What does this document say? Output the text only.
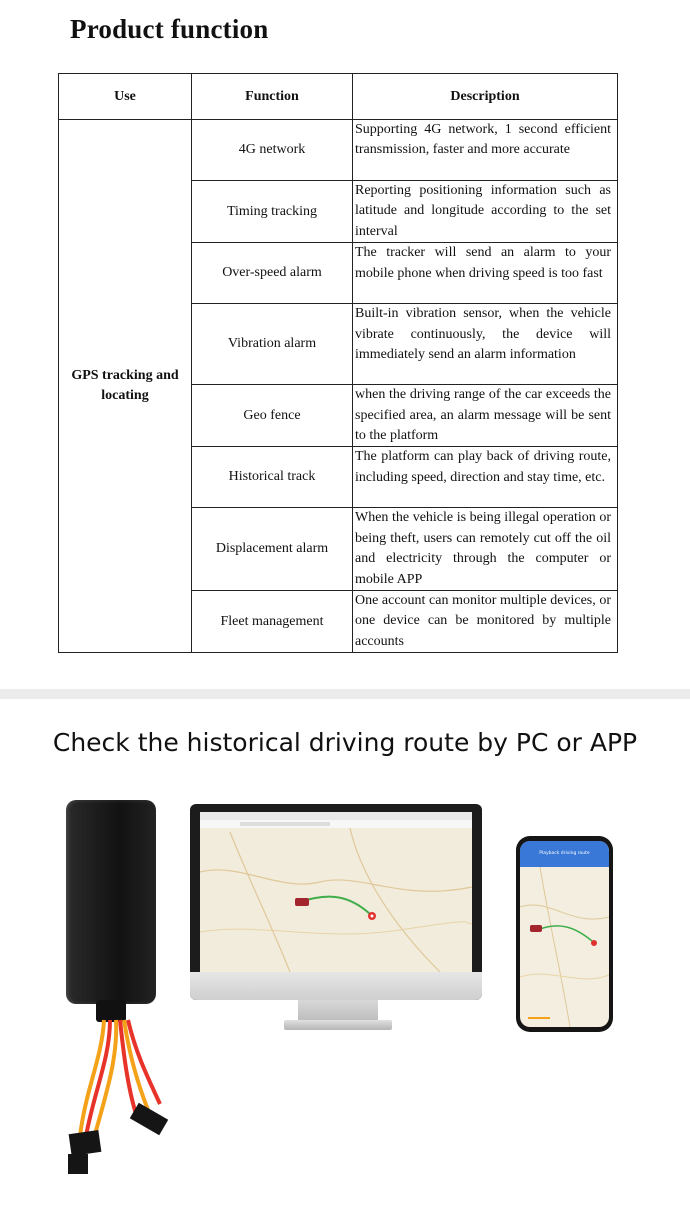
Product function
Use	Function	Description
GPS tracking and locating	4G network	Supporting 4G network, 1 second efficient transmission, faster and more accurate
	Timing tracking	Reporting positioning information such as latitude and longitude according to the set interval
	Over-speed alarm	The tracker will send an alarm to your mobile phone when driving speed is too fast
	Vibration alarm	Built-in vibration sensor, when the vehicle vibrate continuously, the device will immediately send an alarm information
	Geo fence	when the driving range of the car exceeds the specified area, an alarm message will be sent to the platform
	Historical track	The platform can play back of driving route, including speed, direction and stay time, etc.
	Displacement alarm	When the vehicle is being illegal operation or being theft, users can remotely cut off the oil and electricity through the computer or mobile APP
	Fleet management	One account can monitor multiple devices, or one device can be monitored by multiple accounts
Check the historical driving route by PC or APP
Playback driving route
